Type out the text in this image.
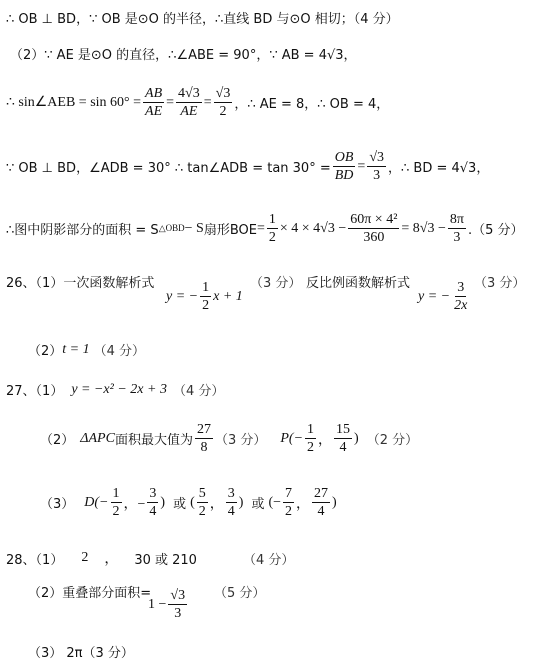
∴ OB ⊥ BD，∵ OB 是⊙O 的半径，∴直线 BD 与⊙O 相切；（4 分）
（2）∵ AE 是⊙O 的直径，∴∠ABE = 90°，∵ AB = 4√3，
∴ sin∠AEB = $\sin 60^\circ = \frac{AB}{AE} = \frac{4√3}{AE} = \frac{√3}{2}$ ，∴ AE = 8，∴ OB = 4，
∵ OB ⊥ BD，∠ADB = 30° ∴ tan∠ADB = $\tan 30^\circ = \frac{OB}{BD} = \frac{√3}{3}$ ，∴ BD = 4√3，
∴图中阴影部分的面积 = S △OBD − S 扇形BOE = $\frac{1}{2} \times 4 \times 4√3 - \frac{\text{60π × 4²}}{360} = 8√3 - \frac{8\pi}{3} .(5$ 分）
26、（1）一次函数解析式	（3 分） 反比例函数解析式	（3 分）
y = − $\frac{1}{2}$ x + 1	y = − $\frac{3}{2x}$
（2） t = 1 （4 分）
27、（1） y = −x² − 2x + 3 （4 分）
（2） ΔAPC 面积最大值为 $\frac{27}{8} (3$ 分） $P(- \frac{1}{2}$ ， $\frac{15}{4}$ ) （2 分）
（3） $D(- \frac{1}{2}$ ，− $\frac{3}{4}$ ) 或 ( $\frac{5}{2}$ ， $\frac{3}{4}$ ) 或 (− $\frac{7}{2}$ ， $\frac{27}{4}$ )
28、（1） 2 ， 30 或 210	（4 分）
（2）重叠部分面积=	（5 分）
$1 - \frac{√3}{3}$
（3） 2π（3 分）
